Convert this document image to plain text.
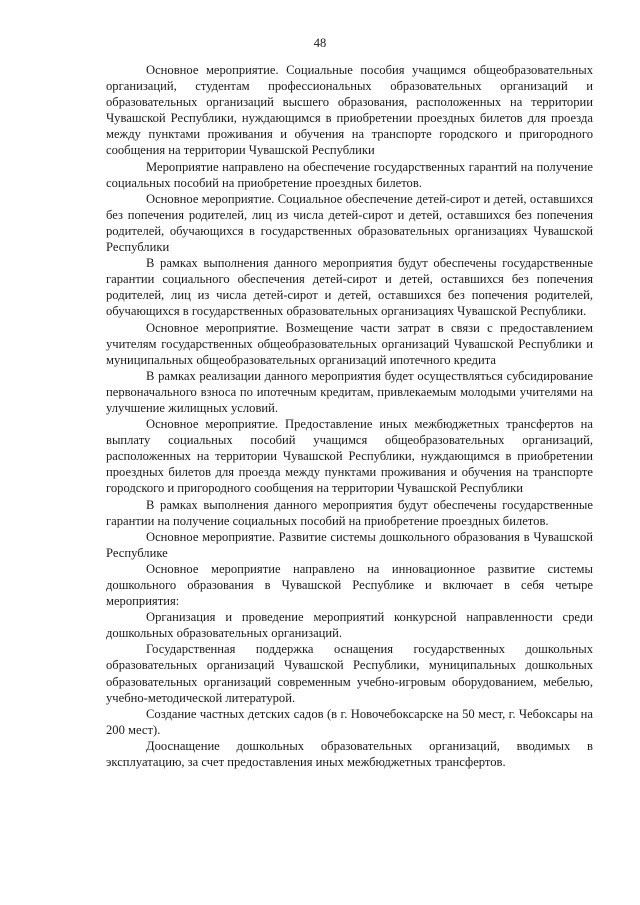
48

Основное мероприятие. Социальные пособия учащимся общеобразовательных организаций, студентам профессиональных образовательных организаций и образовательных организаций высшего образования, расположенных на территории Чувашской Республики, нуждающимся в приобретении проездных билетов для проезда между пунктами проживания и обучения на транспорте городского и пригородного сообщения на территории Чувашской Республики

Мероприятие направлено на обеспечение государственных гарантий на получение социальных пособий на приобретение проездных билетов.

Основное мероприятие. Социальное обеспечение детей-сирот и детей, оставшихся без попечения родителей, лиц из числа детей-сирот и детей, оставшихся без попечения родителей, обучающихся в государственных образовательных организациях Чувашской Республики

В рамках выполнения данного мероприятия будут обеспечены государственные гарантии социального обеспечения детей-сирот и детей, оставшихся без попечения родителей, лиц из числа детей-сирот и детей, оставшихся без попечения родителей, обучающихся в государственных образовательных организациях Чувашской Республики.

Основное мероприятие. Возмещение части затрат в связи с предоставлением учителям государственных общеобразовательных организаций Чувашской Республики и муниципальных общеобразовательных организаций ипотечного кредита

В рамках реализации данного мероприятия будет осуществляться субсидирование первоначального взноса по ипотечным кредитам, привлекаемым молодыми учителями на улучшение жилищных условий.

Основное мероприятие. Предоставление иных межбюджетных трансфертов на выплату социальных пособий учащимся общеобразовательных организаций, расположенных на территории Чувашской Республики, нуждающимся в приобретении проездных билетов для проезда между пунктами проживания и обучения на транспорте городского и пригородного сообщения на территории Чувашской Республики

В рамках выполнения данного мероприятия будут обеспечены государственные гарантии на получение социальных пособий на приобретение проездных билетов.

Основное мероприятие. Развитие системы дошкольного образования в Чувашской Республике

Основное мероприятие направлено на инновационное развитие системы дошкольного образования в Чувашской Республике и включает в себя четыре мероприятия:

Организация и проведение мероприятий конкурсной направленности среди дошкольных образовательных организаций.

Государственная поддержка оснащения государственных дошкольных образовательных организаций Чувашской Республики, муниципальных дошкольных образовательных организаций современным учебно-игровым оборудованием, мебелью, учебно-методической литературой.

Создание частных детских садов (в г. Новочебоксарске на 50 мест, г. Чебоксары на 200 мест).

Дооснащение дошкольных образовательных организаций, вводимых в эксплуатацию, за счет предоставления иных межбюджетных трансфертов.
